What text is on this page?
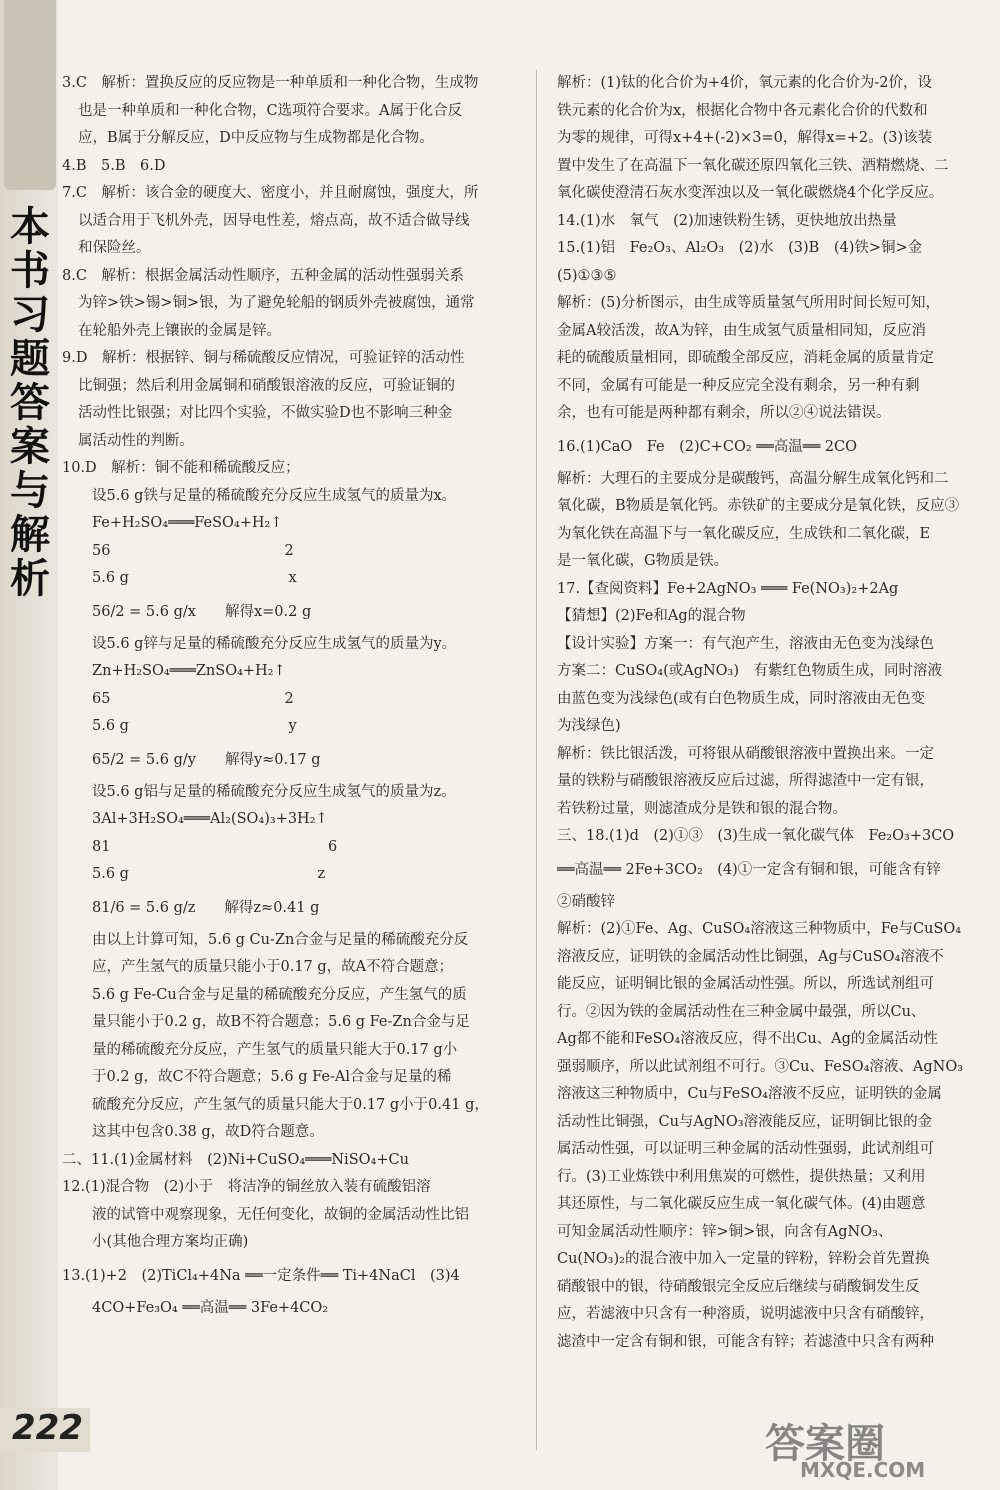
本书习题答案与解析
222
3.C　解析：置换反应的反应物是一种单质和一种化合物，生成物
也是一种单质和一种化合物，C选项符合要求。A属于化合反
应，B属于分解反应，D中反应物与生成物都是化合物。
4.B　5.B　6.D
7.C　解析：该合金的硬度大、密度小，并且耐腐蚀，强度大，所
以适合用于飞机外壳，因导电性差，熔点高，故不适合做导线
和保险丝。
8.C　解析：根据金属活动性顺序，五种金属的活动性强弱关系
为锌>铁>锡>铜>银，为了避免轮船的钢质外壳被腐蚀，通常
在轮船外壳上镶嵌的金属是锌。
9.D　解析：根据锌、铜与稀硫酸反应情况，可验证锌的活动性
比铜强；然后利用金属铜和硝酸银溶液的反应，可验证铜的
活动性比银强；对比四个实验，不做实验D也不影响三种金
属活动性的判断。
10.D　解析：铜不能和稀硫酸反应；
设5.6 g铁与足量的稀硫酸充分反应生成氢气的质量为x。
Fe+H₂SO₄═══FeSO₄+H₂↑
56　　　　　　　　　　　　2
5.6 g　　　　　　　　　　　x
56/2 = 5.6 g/x　　解得x=0.2 g
设5.6 g锌与足量的稀硫酸充分反应生成氢气的质量为y。
Zn+H₂SO₄═══ZnSO₄+H₂↑
65　　　　　　　　　　　　2
5.6 g　　　　　　　　　　　y
65/2 = 5.6 g/y　　解得y≈0.17 g
设5.6 g铝与足量的稀硫酸充分反应生成氢气的质量为z。
3Al+3H₂SO₄═══Al₂(SO₄)₃+3H₂↑
81　　　　　　　　　　　　　　　6
5.6 g　　　　　　　　　　　　　z
81/6 = 5.6 g/z　　解得z≈0.41 g
由以上计算可知，5.6 g Cu-Zn合金与足量的稀硫酸充分反
应，产生氢气的质量只能小于0.17 g，故A不符合题意；
5.6 g Fe-Cu合金与足量的稀硫酸充分反应，产生氢气的质
量只能小于0.2 g，故B不符合题意；5.6 g Fe-Zn合金与足
量的稀硫酸充分反应，产生氢气的质量只能大于0.17 g小
于0.2 g，故C不符合题意；5.6 g Fe-Al合金与足量的稀
硫酸充分反应，产生氢气的质量只能大于0.17 g小于0.41 g，
这其中包含0.38 g，故D符合题意。
二、11.(1)金属材料　(2)Ni+CuSO₄═══NiSO₄+Cu
12.(1)混合物　(2)小于　将洁净的铜丝放入装有硫酸铝溶
液的试管中观察现象，无任何变化，故铜的金属活动性比铝
小(其他合理方案均正确)
13.(1)+2　(2)TiCl₄+4Na ══一定条件══ Ti+4NaCl　(3)4
4CO+Fe₃O₄ ══高温══ 3Fe+4CO₂
解析：(1)钛的化合价为+4价，氧元素的化合价为-2价，设
铁元素的化合价为x，根据化合物中各元素化合价的代数和
为零的规律，可得x+4+(-2)×3=0，解得x=+2。(3)该装
置中发生了在高温下一氧化碳还原四氧化三铁、酒精燃烧、二
氧化碳使澄清石灰水变浑浊以及一氧化碳燃烧4个化学反应。
14.(1)水　氧气　(2)加速铁粉生锈，更快地放出热量
15.(1)铝　Fe₂O₃、Al₂O₃　(2)水　(3)B　(4)铁>铜>金
(5)①③⑤
解析：(5)分析图示，由生成等质量氢气所用时间长短可知，
金属A较活泼，故A为锌，由生成氢气质量相同知，反应消
耗的硫酸质量相同，即硫酸全部反应，消耗金属的质量肯定
不同，金属有可能是一种反应完全没有剩余，另一种有剩
余，也有可能是两种都有剩余，所以②④说法错误。
16.(1)CaO　Fe　(2)C+CO₂ ══高温══ 2CO
解析：大理石的主要成分是碳酸钙，高温分解生成氧化钙和二
氧化碳，B物质是氧化钙。赤铁矿的主要成分是氧化铁，反应③
为氧化铁在高温下与一氧化碳反应，生成铁和二氧化碳，E
是一氧化碳，G物质是铁。
17.【查阅资料】Fe+2AgNO₃ ═══ Fe(NO₃)₂+2Ag
【猜想】(2)Fe和Ag的混合物
【设计实验】方案一：有气泡产生，溶液由无色变为浅绿色
方案二：CuSO₄(或AgNO₃)　有紫红色物质生成，同时溶液
由蓝色变为浅绿色(或有白色物质生成，同时溶液由无色变
为浅绿色)
解析：铁比银活泼，可将银从硝酸银溶液中置换出来。一定
量的铁粉与硝酸银溶液反应后过滤，所得滤渣中一定有银，
若铁粉过量，则滤渣成分是铁和银的混合物。
三、18.(1)d　(2)①③　(3)生成一氧化碳气体　Fe₂O₃+3CO
══高温══ 2Fe+3CO₂　(4)①一定含有铜和银，可能含有锌
②硝酸锌
解析：(2)①Fe、Ag、CuSO₄溶液这三种物质中，Fe与CuSO₄
溶液反应，证明铁的金属活动性比铜强，Ag与CuSO₄溶液不
能反应，证明铜比银的金属活动性强。所以，所选试剂组可
行。②因为铁的金属活动性在三种金属中最强，所以Cu、
Ag都不能和FeSO₄溶液反应，得不出Cu、Ag的金属活动性
强弱顺序，所以此试剂组不可行。③Cu、FeSO₄溶液、AgNO₃
溶液这三种物质中，Cu与FeSO₄溶液不反应，证明铁的金属
活动性比铜强，Cu与AgNO₃溶液能反应，证明铜比银的金
属活动性强，可以证明三种金属的活动性强弱，此试剂组可
行。(3)工业炼铁中利用焦炭的可燃性，提供热量；又利用
其还原性，与二氧化碳反应生成一氧化碳气体。(4)由题意
可知金属活动性顺序：锌>铜>银，向含有AgNO₃、
Cu(NO₃)₂的混合液中加入一定量的锌粉，锌粉会首先置换
硝酸银中的银，待硝酸银完全反应后继续与硝酸铜发生反
应，若滤液中只含有一种溶质，说明滤液中只含有硝酸锌，
滤渣中一定含有铜和银，可能含有锌；若滤渣中只含有两种
答案圈
MXQE.COM
